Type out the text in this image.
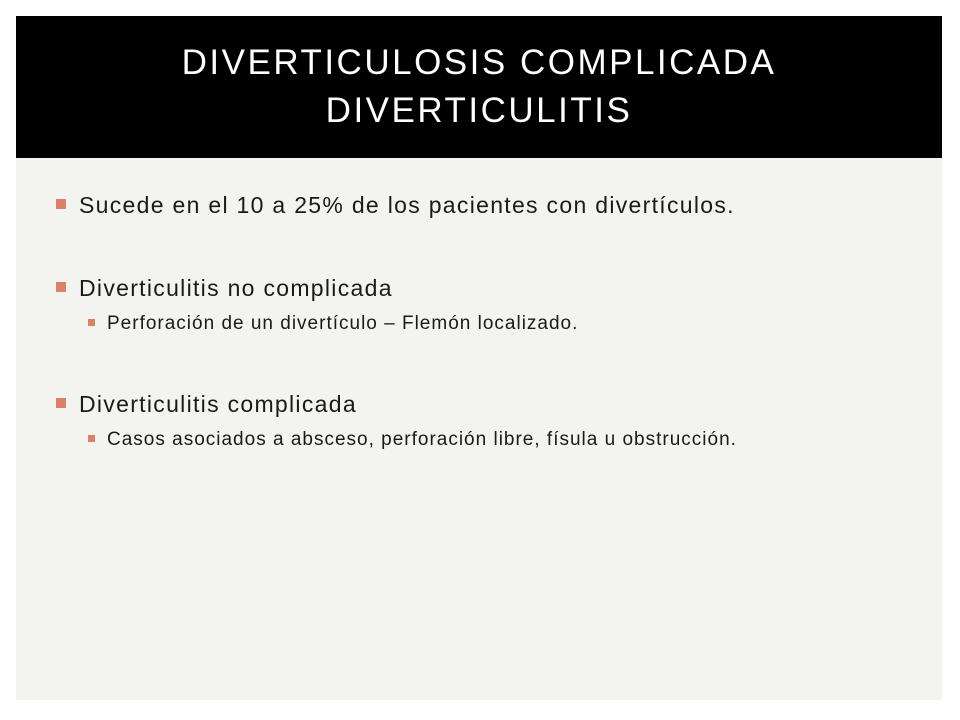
DIVERTICULOSIS COMPLICADA
DIVERTICULITIS
Sucede en el 10 a 25% de los pacientes con divertículos.
Diverticulitis no complicada
Perforación de un divertículo – Flemón localizado.
Diverticulitis complicada
Casos asociados a absceso, perforación libre, físula u obstrucción.
